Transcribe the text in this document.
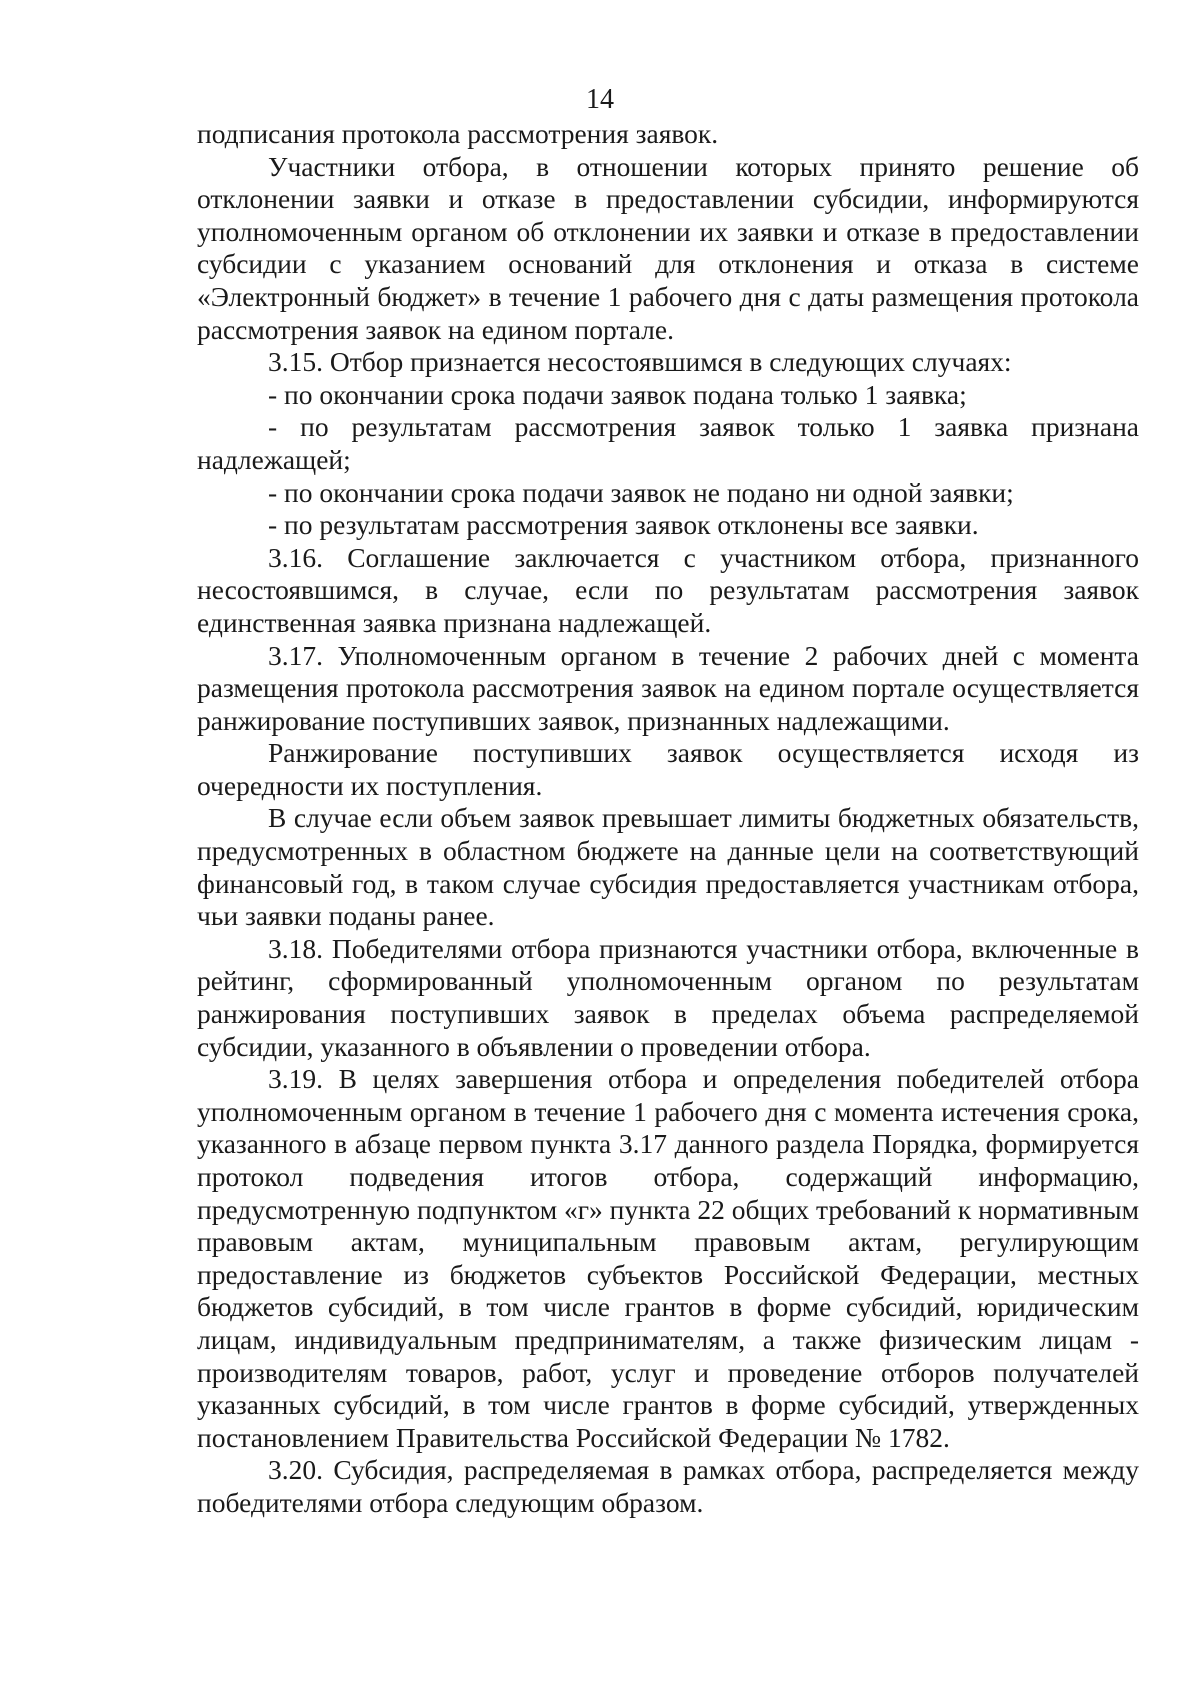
14

подписания протокола рассмотрения заявок.

Участники отбора, в отношении которых принято решение об отклонении заявки и отказе в предоставлении субсидии, информируются уполномоченным органом об отклонении их заявки и отказе в предоставлении субсидии с указанием оснований для отклонения и отказа в системе «Электронный бюджет» в течение 1 рабочего дня с даты размещения протокола рассмотрения заявок на едином портале.

3.15. Отбор признается несостоявшимся в следующих случаях:

- по окончании срока подачи заявок подана только 1 заявка;

- по результатам рассмотрения заявок только 1 заявка признана надлежащей;

- по окончании срока подачи заявок не подано ни одной заявки;

- по результатам рассмотрения заявок отклонены все заявки.

3.16. Соглашение заключается с участником отбора, признанного несостоявшимся, в случае, если по результатам рассмотрения заявок единственная заявка признана надлежащей.

3.17. Уполномоченным органом в течение 2 рабочих дней с момента размещения протокола рассмотрения заявок на едином портале осуществляется ранжирование поступивших заявок, признанных надлежащими.

Ранжирование поступивших заявок осуществляется исходя из очередности их поступления.

В случае если объем заявок превышает лимиты бюджетных обязательств, предусмотренных в областном бюджете на данные цели на соответствующий финансовый год, в таком случае субсидия предоставляется участникам отбора, чьи заявки поданы ранее.

3.18. Победителями отбора признаются участники отбора, включенные в рейтинг, сформированный уполномоченным органом по результатам ранжирования поступивших заявок в пределах объема распределяемой субсидии, указанного в объявлении о проведении отбора.

3.19. В целях завершения отбора и определения победителей отбора уполномоченным органом в течение 1 рабочего дня с момента истечения срока, указанного в абзаце первом пункта 3.17 данного раздела Порядка, формируется протокол подведения итогов отбора, содержащий информацию, предусмотренную подпунктом «г» пункта 22 общих требований к нормативным правовым актам, муниципальным правовым актам, регулирующим предоставление из бюджетов субъектов Российской Федерации, местных бюджетов субсидий, в том числе грантов в форме субсидий, юридическим лицам, индивидуальным предпринимателям, а также физическим лицам - производителям товаров, работ, услуг и проведение отборов получателей указанных субсидий, в том числе грантов в форме субсидий, утвержденных постановлением Правительства Российской Федерации № 1782.

3.20. Субсидия, распределяемая в рамках отбора, распределяется между победителями отбора следующим образом.
